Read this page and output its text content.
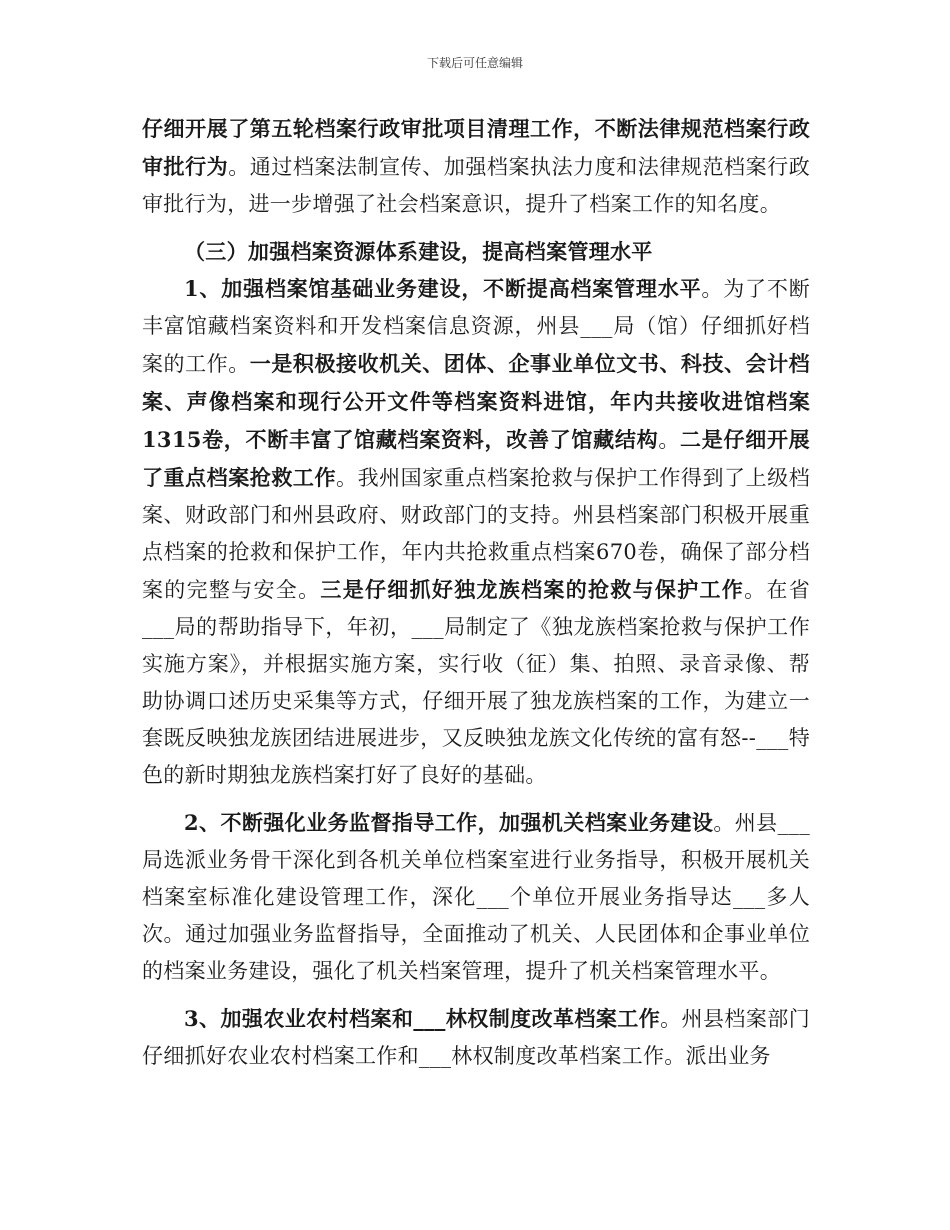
下载后可任意编辑

仔细开展了第五轮档案行政审批项目清理工作，不断法律规范档案行政审批行为。通过档案法制宣传、加强档案执法力度和法律规范档案行政审批行为，进一步增强了社会档案意识，提升了档案工作的知名度。

（三）加强档案资源体系建设，提高档案管理水平

1、加强档案馆基础业务建设，不断提高档案管理水平。为了不断丰富馆藏档案资料和开发档案信息资源，州县___局（馆）仔细抓好档案的工作。一是积极接收机关、团体、企事业单位文书、科技、会计档案、声像档案和现行公开文件等档案资料进馆，年内共接收进馆档案1315卷，不断丰富了馆藏档案资料，改善了馆藏结构。二是仔细开展了重点档案抢救工作。我州国家重点档案抢救与保护工作得到了上级档案、财政部门和州县政府、财政部门的支持。州县档案部门积极开展重点档案的抢救和保护工作，年内共抢救重点档案670卷，确保了部分档案的完整与安全。三是仔细抓好独龙族档案的抢救与保护工作。在省___局的帮助指导下，年初，___局制定了《独龙族档案抢救与保护工作实施方案》，并根据实施方案，实行收（征）集、拍照、录音录像、帮助协调口述历史采集等方式，仔细开展了独龙族档案的工作，为建立一套既反映独龙族团结进展进步，又反映独龙族文化传统的富有怒--___特色的新时期独龙族档案打好了良好的基础。

2、不断强化业务监督指导工作，加强机关档案业务建设。州县___局选派业务骨干深化到各机关单位档案室进行业务指导，积极开展机关档案室标准化建设管理工作，深化___个单位开展业务指导达___多人次。通过加强业务监督指导，全面推动了机关、人民团体和企事业单位的档案业务建设，强化了机关档案管理，提升了机关档案管理水平。

3、加强农业农村档案和___林权制度改革档案工作。州县档案部门仔细抓好农业农村档案工作和___林权制度改革档案工作。派出业务
